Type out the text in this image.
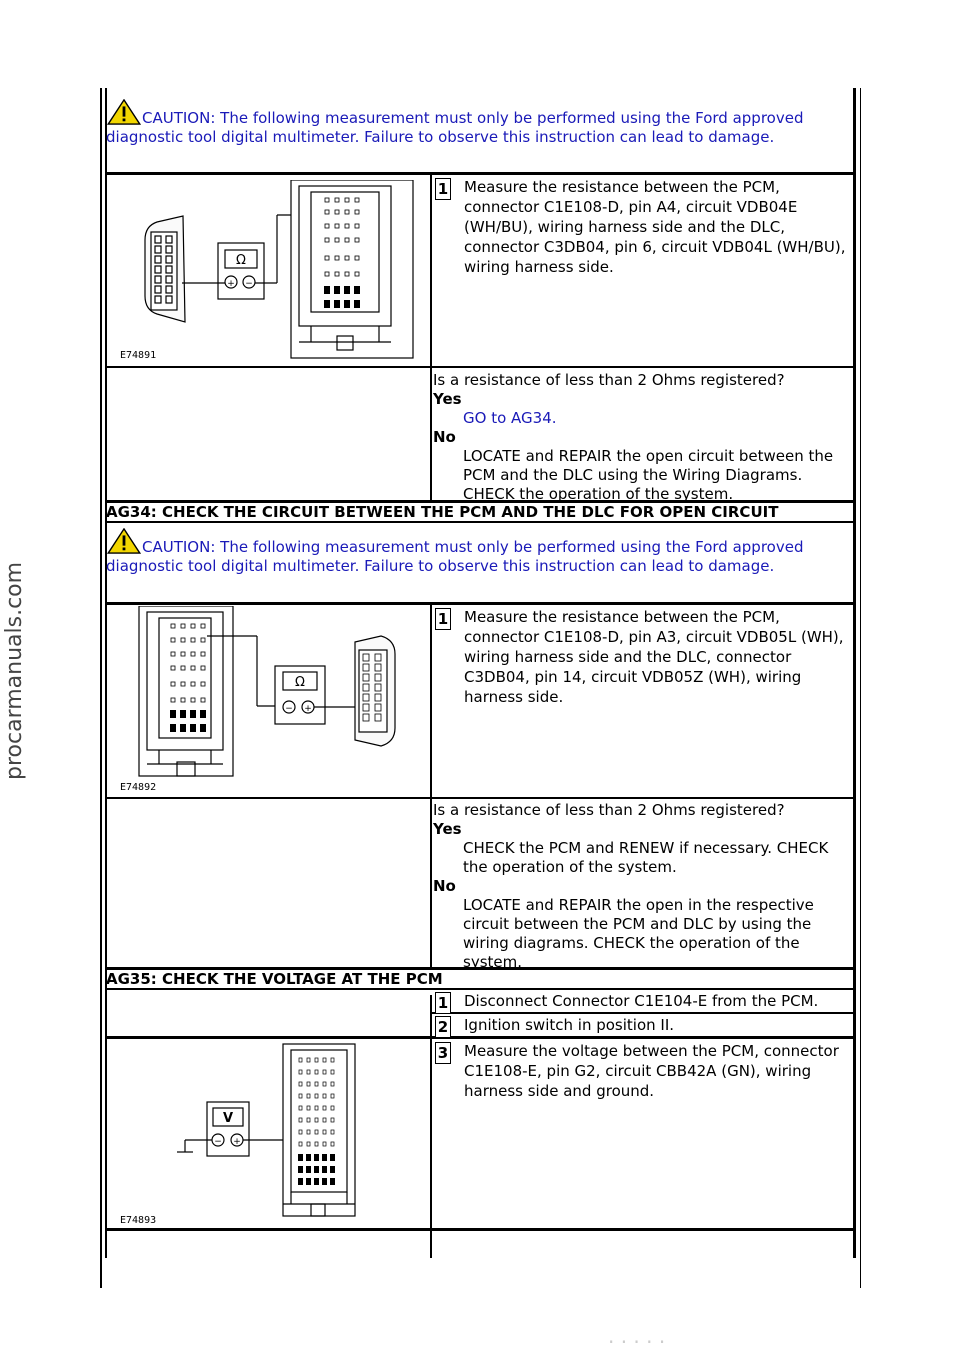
CAUTION: The following measurement must only be performed using the Ford approved diagnostic tool digital multimeter. Failure to observe this instruction can lead to damage.
Ω
+ −
E74891
1 Measure the resistance between the PCM, connector C1E108-D, pin A4, circuit VDB04E (WH/BU), wiring harness side and the DLC, connector C3DB04, pin 6, circuit VDB04L (WH/BU), wiring harness side.
Is a resistance of less than 2 Ohms registered?
Yes
GO to AG34.
No
LOCATE and REPAIR the open circuit between the PCM and the DLC using the Wiring Diagrams. CHECK the operation of the system.
AG34: CHECK THE CIRCUIT BETWEEN THE PCM AND THE DLC FOR OPEN CIRCUIT
CAUTION: The following measurement must only be performed using the Ford approved diagnostic tool digital multimeter. Failure to observe this instruction can lead to damage.
Ω
− +
E74892
1 Measure the resistance between the PCM, connector C1E108-D, pin A3, circuit VDB05L (WH), wiring harness side and the DLC, connector C3DB04, pin 14, circuit VDB05Z (WH), wiring harness side.
Is a resistance of less than 2 Ohms registered?
Yes
CHECK the PCM and RENEW if necessary. CHECK the operation of the system.
No
LOCATE and REPAIR the open in the respective circuit between the PCM and DLC by using the wiring diagrams. CHECK the operation of the system.
AG35: CHECK THE VOLTAGE AT THE PCM
1 Disconnect Connector C1E104-E from the PCM.
2 Ignition switch in position II.
V
− +
E74893
3 Measure the voltage between the PCM, connector C1E108-E, pin G2, circuit CBB42A (GN), wiring harness side and ground.
procarmanuals.com
· · · · ·
